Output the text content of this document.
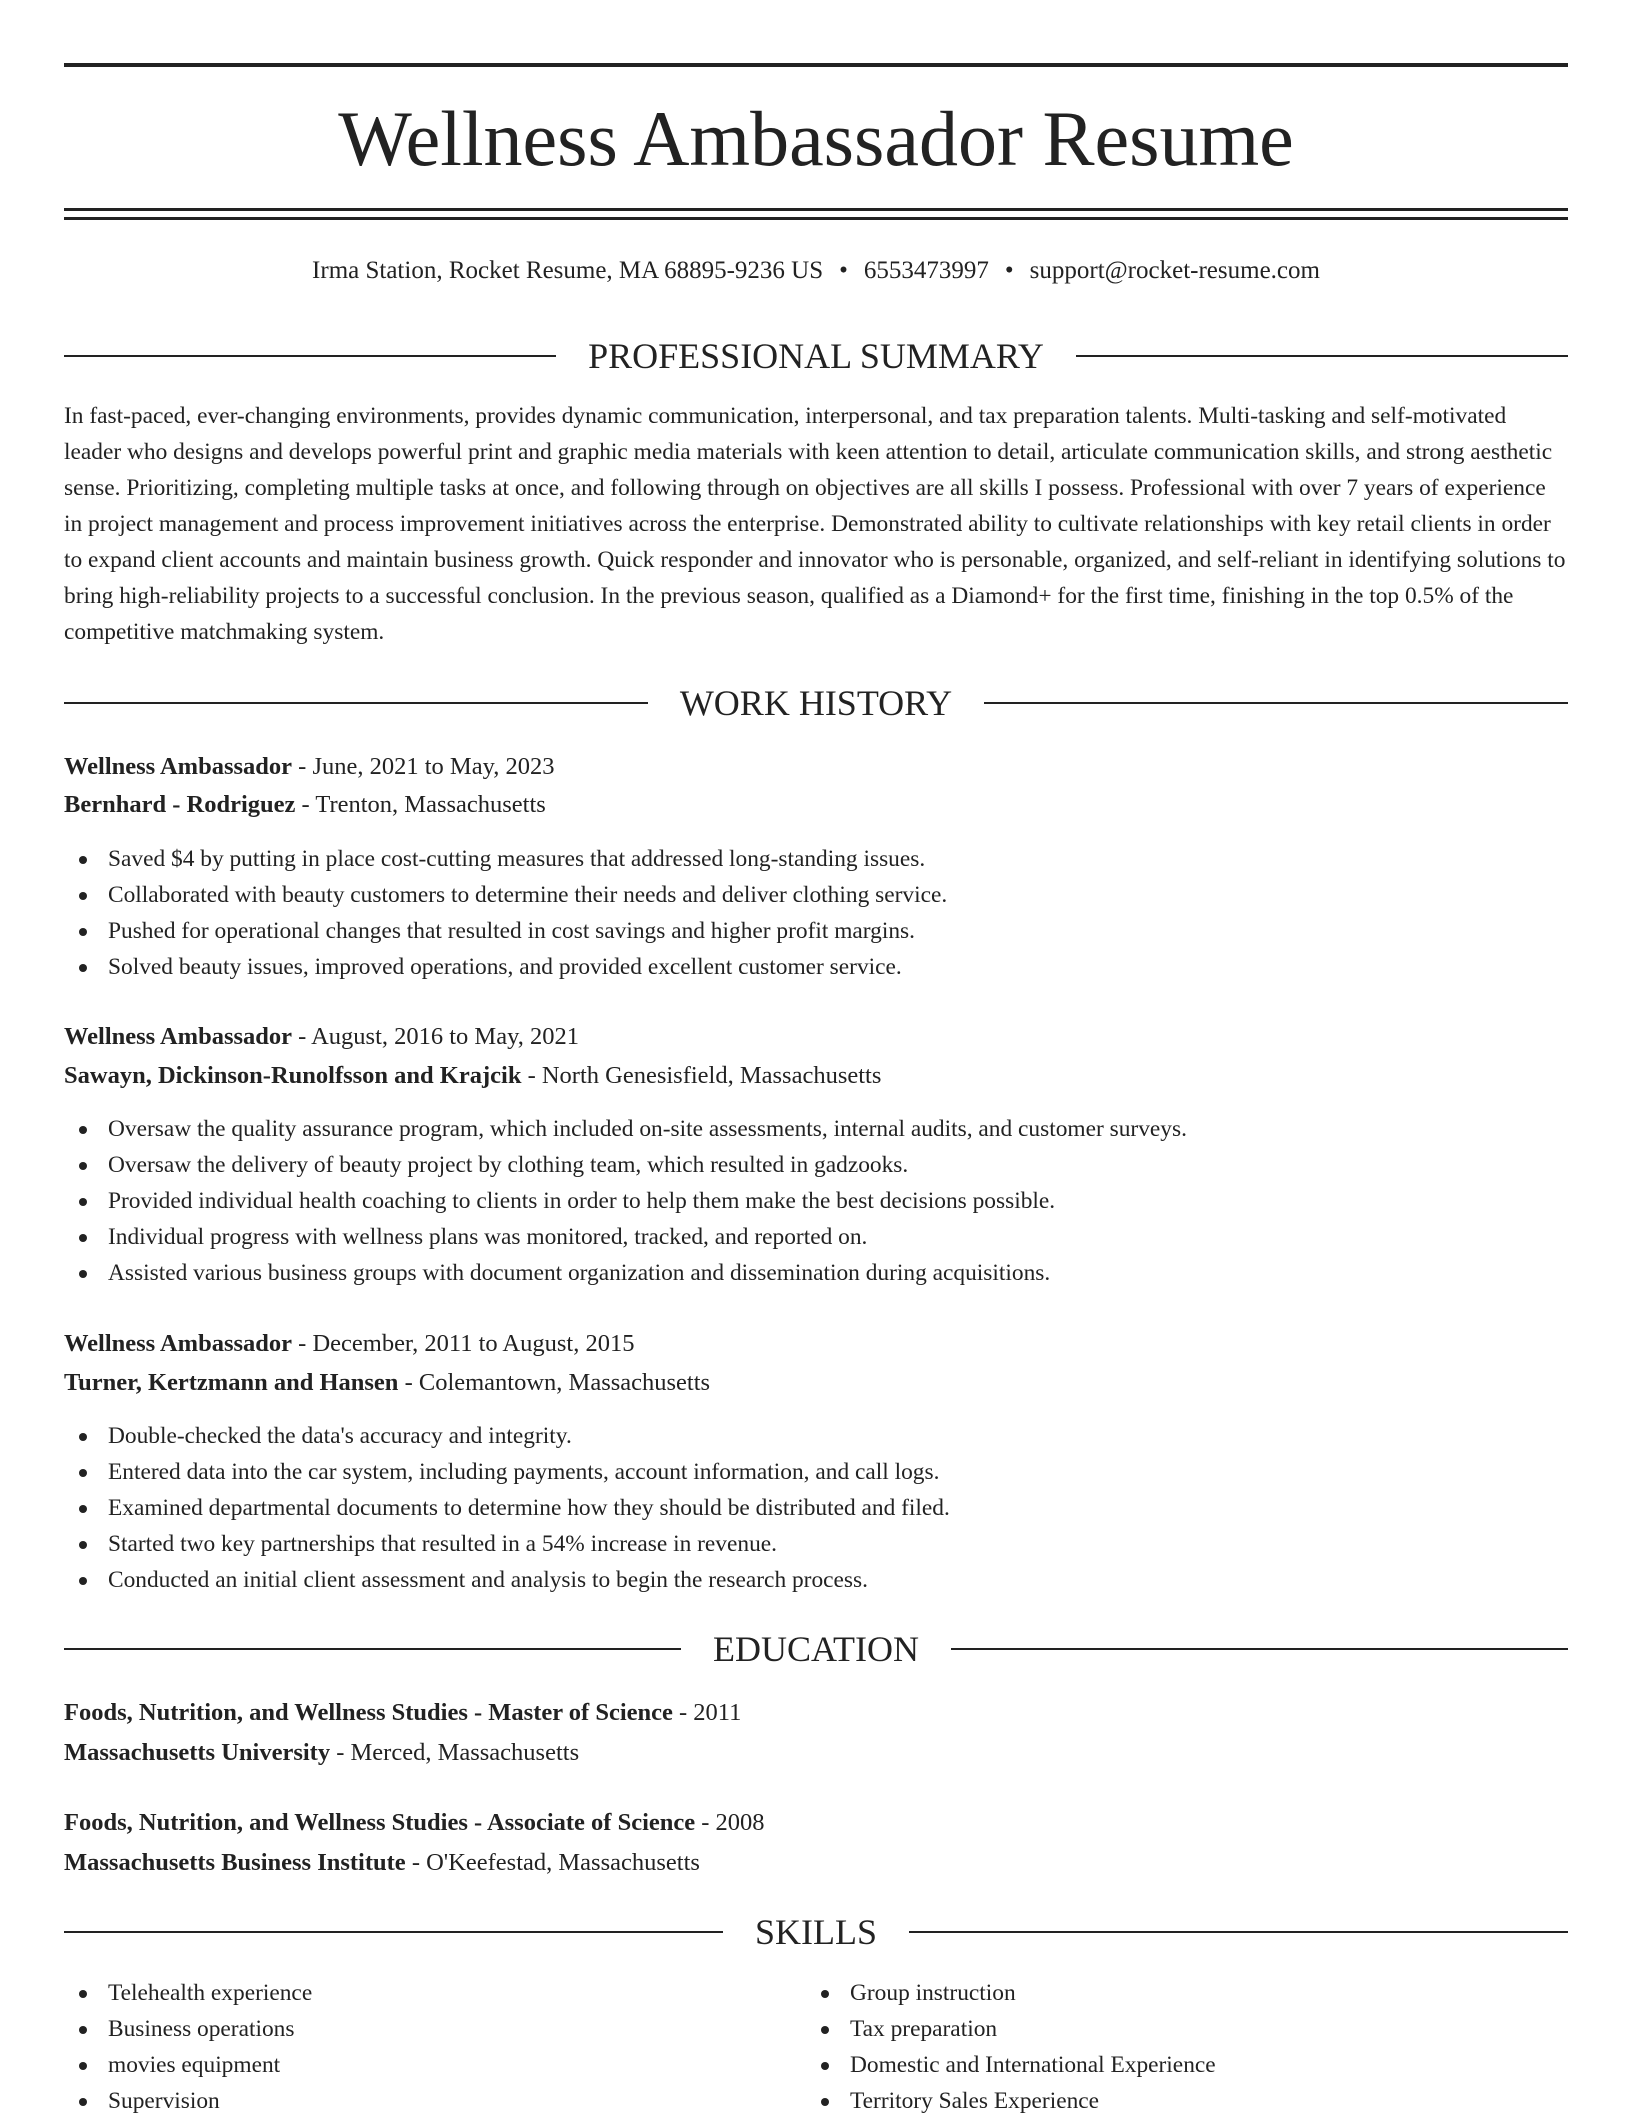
Wellness Ambassador Resume
Irma Station, Rocket Resume, MA 68895-9236 US • 6553473997 • support@rocket-resume.com
PROFESSIONAL SUMMARY

In fast-paced, ever-changing environments, provides dynamic communication, interpersonal, and tax preparation talents. Multi-tasking and self-motivated leader who designs and develops powerful print and graphic media materials with keen attention to detail, articulate communication skills, and strong aesthetic sense. Prioritizing, completing multiple tasks at once, and following through on objectives are all skills I possess. Professional with over 7 years of experience in project management and process improvement initiatives across the enterprise. Demonstrated ability to cultivate relationships with key retail clients in order to expand client accounts and maintain business growth. Quick responder and innovator who is personable, organized, and self-reliant in identifying solutions to bring high-reliability projects to a successful conclusion. In the previous season, qualified as a Diamond+ for the first time, finishing in the top 0.5% of the competitive matchmaking system.

WORK HISTORY
Wellness Ambassador - June, 2021 to May, 2023
Bernhard - Rodriguez - Trenton, Massachusetts
Saved $4 by putting in place cost-cutting measures that addressed long-standing issues.
Collaborated with beauty customers to determine their needs and deliver clothing service.
Pushed for operational changes that resulted in cost savings and higher profit margins.
Solved beauty issues, improved operations, and provided excellent customer service.
Wellness Ambassador - August, 2016 to May, 2021
Sawayn, Dickinson-Runolfsson and Krajcik - North Genesisfield, Massachusetts
Oversaw the quality assurance program, which included on-site assessments, internal audits, and customer surveys.
Oversaw the delivery of beauty project by clothing team, which resulted in gadzooks.
Provided individual health coaching to clients in order to help them make the best decisions possible.
Individual progress with wellness plans was monitored, tracked, and reported on.
Assisted various business groups with document organization and dissemination during acquisitions.
Wellness Ambassador - December, 2011 to August, 2015
Turner, Kertzmann and Hansen - Colemantown, Massachusetts
Double-checked the data's accuracy and integrity.
Entered data into the car system, including payments, account information, and call logs.
Examined departmental documents to determine how they should be distributed and filed.
Started two key partnerships that resulted in a 54% increase in revenue.
Conducted an initial client assessment and analysis to begin the research process.
EDUCATION
Foods, Nutrition, and Wellness Studies - Master of Science - 2011
Massachusetts University - Merced, Massachusetts
Foods, Nutrition, and Wellness Studies - Associate of Science - 2008
Massachusetts Business Institute - O'Keefestad, Massachusetts
SKILLS
Telehealth experience
Business operations
movies equipment
Supervision
Group instruction
Tax preparation
Domestic and International Experience
Territory Sales Experience
